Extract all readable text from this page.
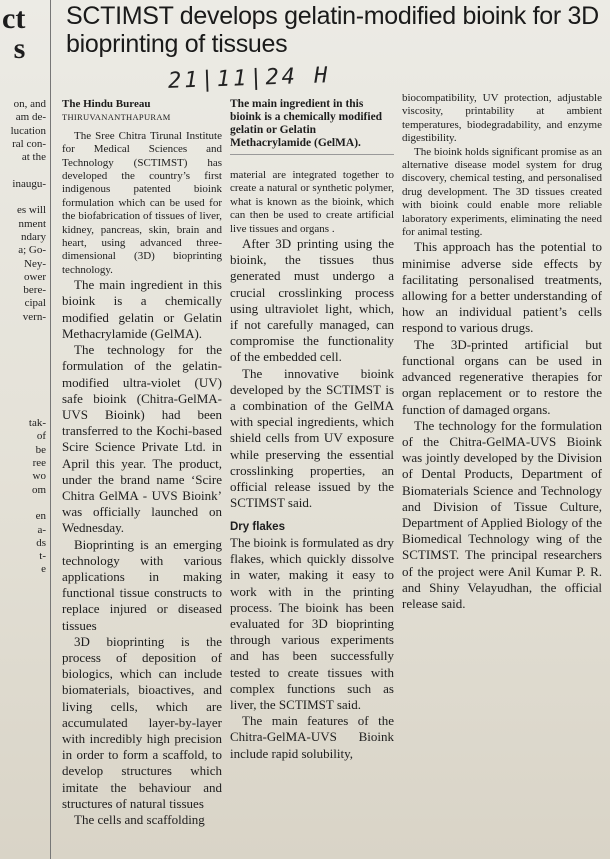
ct
s
on, and
am de-
lucation
ral con-
at the
inaugu-
es will
nment
ndary
a; Go-
Ney-
ower
bere-
cipal
vern-
tak-
of
be
ree
wo
om
en
a-
ds
t-
e
SCTIMST develops gelatin-modified bioink for 3D bioprinting of tissues
21|11|24 H
The Hindu Bureau
THIRUVANANTHAPURAM

The Sree Chitra Tirunal Institute for Medical Sciences and Technology (SCTIMST) has developed the country’s first indigenous patented bioink formulation which can be used for the biofabrication of tissues of liver, kidney, pancreas, skin, brain and heart, using advanced three-dimensional (3D) bioprinting technology.

The main ingredient in this bioink is a chemically modified gelatin or Gelatin Methacrylamide (GelMA).

The technology for the formulation of the gelatin-modified ultra-violet (UV) safe bioink (Chitra-GelMA-UVS Bioink) had been transferred to the Kochi-based Scire Science Private Ltd. in April this year. The product, under the brand name ‘Scire Chitra GelMA - UVS Bioink’ was officially launched on Wednesday.

Bioprinting is an emerging technology with various applications in making functional tissue constructs to replace injured or diseased tissues

3D bioprinting is the process of deposition of biologics, which can include biomaterials, bioactives, and living cells, which are accumulated layer-by-layer with incredibly high precision in order to form a scaffold, to develop structures which imitate the behaviour and structures of natural tissues

The cells and scaffolding

The main ingredient in this bioink is a chemically modified gelatin or Gelatin Methacrylamide (GelMA).

material are integrated together to create a natural or synthetic polymer, what is known as the bioink, which can then be used to create artificial live tissues and organs .

After 3D printing using the bioink, the tissues thus generated must undergo a crucial crosslinking process using ultraviolet light, which, if not carefully managed, can compromise the functionality of the embedded cell.

The innovative bioink developed by the SCTIMST is a combination of the GelMA with special ingredients, which shield cells from UV exposure while preserving the essential crosslinking properties, an official release issued by the SCTIMST said.

Dry flakes

The bioink is formulated as dry flakes, which quickly dissolve in water, making it easy to work with in the printing process. The bioink has been evaluated for 3D bioprinting through various experiments and has been successfully tested to create tissues with complex functions such as liver, the SCTIMST said.

The main features of the Chitra-GelMA-UVS Bioink include rapid solubility,

biocompatibility, UV protection, adjustable viscosity, printability at ambient temperatures, biodegradability, and enzyme digestibility.

The bioink holds significant promise as an alternative disease model system for drug discovery, chemical testing, and personalised drug development. The 3D tissues created with bioink could enable more reliable laboratory experiments, eliminating the need for animal testing.

This approach has the potential to minimise adverse side effects by facilitating personalised treatments, allowing for a better understanding of how an individual patient’s cells respond to various drugs.

The 3D-printed artificial but functional organs can be used in advanced regenerative therapies for organ replacement or to restore the function of damaged organs.

The technology for the formulation of the Chitra-GelMA-UVS Bioink was jointly developed by the Division of Dental Products, Department of Biomaterials Science and Technology and Division of Tissue Culture, Department of Applied Biology of the Biomedical Technology wing of the SCTIMST. The principal researchers of the project were Anil Kumar P. R. and Shiny Velayudhan, the official release said.
